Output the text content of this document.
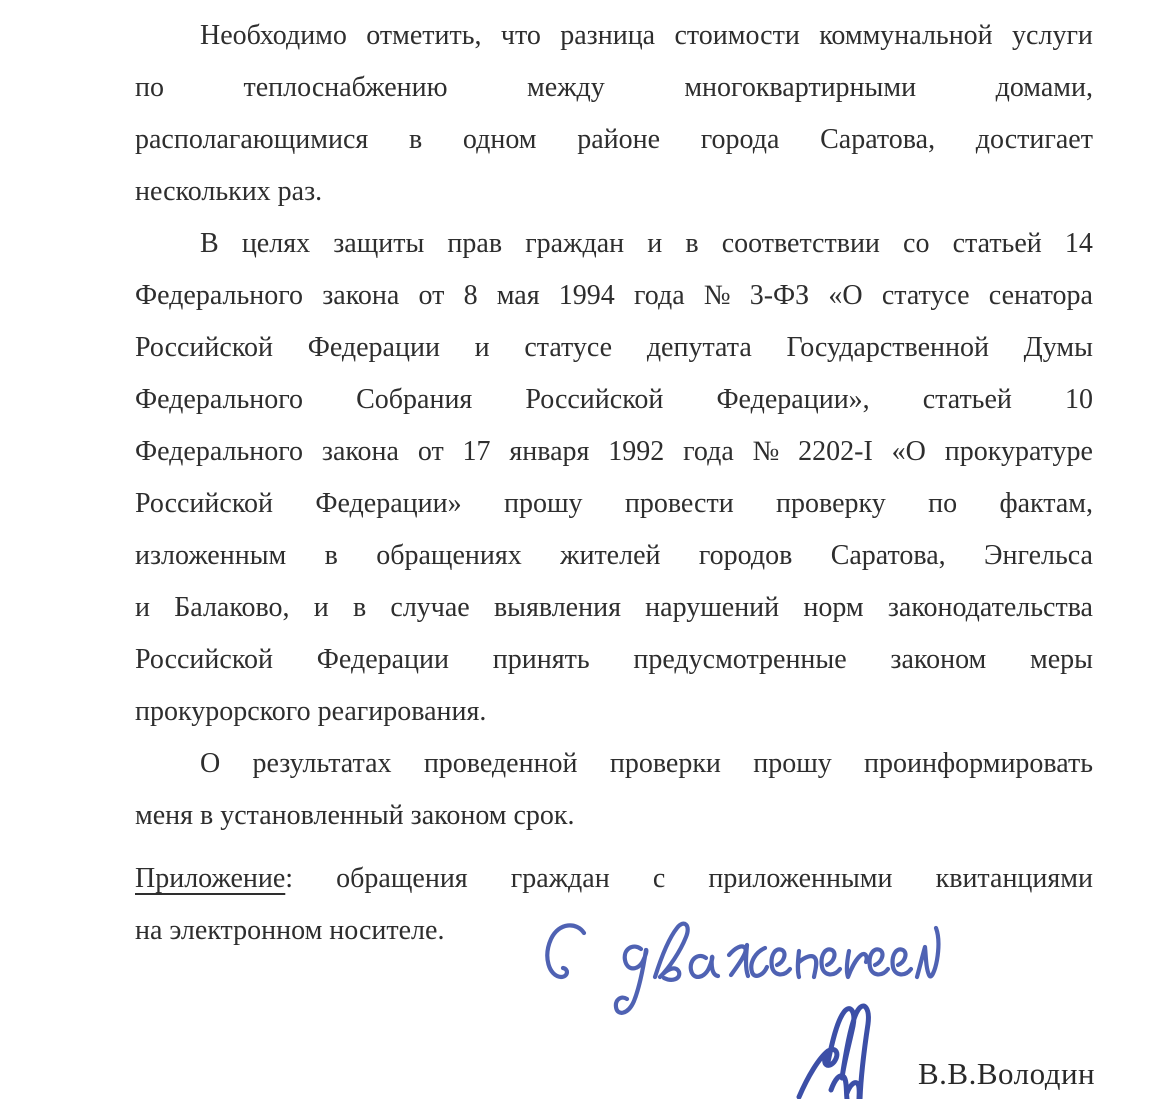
Необходимо отметить, что разница стоимости коммунальной услуги
по	теплоснабжению	между	многоквартирными	домами,
располагающимися в одном районе города Саратова, достигает
нескольких раз.
В целях защиты прав граждан и в соответствии со статьей 14
Федерального закона от 8 мая 1994 года № 3-ФЗ «О статусе сенатора
Российской Федерации и статусе депутата Государственной Думы
Федерального Собрания Российской Федерации», статьей 10
Федерального закона от 17 января 1992 года № 2202-I «О прокуратуре
Российской Федерации» прошу провести проверку по фактам,
изложенным в обращениях жителей городов Саратова, Энгельса
и Балаково, и в случае выявления нарушений норм законодательства
Российской Федерации принять предусмотренные законом меры
прокурорского реагирования.
О результатах проведенной проверки прошу проинформировать
меня в установленный законом срок.
Приложение: обращения граждан с приложенными квитанциями
на электронном носителе.
В.В.Володин
